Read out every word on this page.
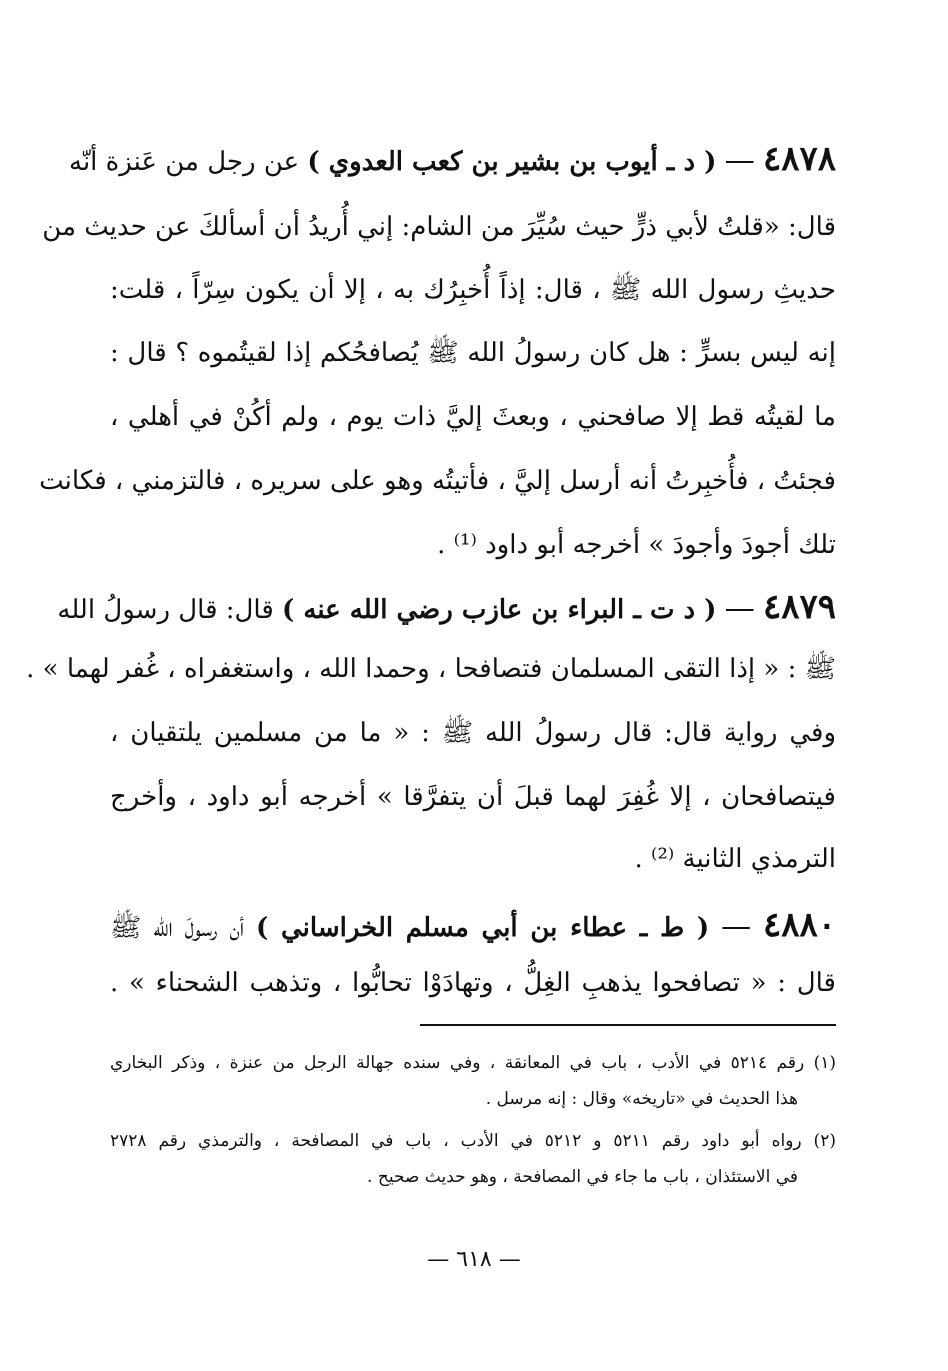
٤٨٧٨ — ( د ـ أيوب بن بشير بن كعب العدوي ) عن رجل من عَنزة أنّه
قال: «قلتُ لأبي ذرٍّ حيث سُيِّرَ من الشام: إني أُريدُ أن أسألكَ عن حديث من
حديثِ رسول الله ﷺ ، قال: إذاً أُخبِرُك به ، إلا أن يكون سِرّاً ، قلت:
إنه ليس بسرٍّ : هل كان رسولُ الله ﷺ يُصافحُكم إذا لقيتُموه ؟ قال :
ما لقيتُه قط إلا صافحني ، وبعثَ إليَّ ذات يوم ، ولم أكُنْ في أهلي ،
فجئتُ ، فأُخبِرتُ أنه أرسل إليَّ ، فأتيتُه وهو على سريره ، فالتزمني ، فكانت
تلك أجودَ وأجودَ » أخرجه أبو داود ⁽¹⁾ .
٤٨٧٩ — ( د ت ـ البراء بن عازب رضي الله عنه ) قال: قال رسولُ الله
ﷺ : « إذا التقى المسلمان فتصافحا ، وحمدا الله ، واستغفراه ، غُفر لهما » .
وفي رواية قال: قال رسولُ الله ﷺ : « ما من مسلمين يلتقيان ،
فيتصافحان ، إلا غُفِرَ لهما قبلَ أن يتفرَّقا » أخرجه أبو داود ، وأخرج
الترمذي الثانية ⁽²⁾ .
٤٨٨٠ — ( ط ـ عطاء بن أبي مسلم الخراساني ) أن رسولَ الله ﷺ
قال : « تصافحوا يذهبِ الغِلُّ ، وتهادَوْا تحابُّوا ، وتذهب الشحناء » .
(١) رقم ٥٢١٤ في الأدب ، باب في المعانقة ، وفي سنده جهالة الرجل من عنزة ، وذكر البخاري
هذا الحديث في «تاريخه» وقال : إنه مرسل .
(٢) رواه أبو داود رقم ٥٢١١ و ٥٢١٢ في الأدب ، باب في المصافحة ، والترمذي رقم ٢٧٢٨
في الاستئذان ، باب ما جاء في المصافحة ، وهو حديث صحيح .
— ٦١٨ —
